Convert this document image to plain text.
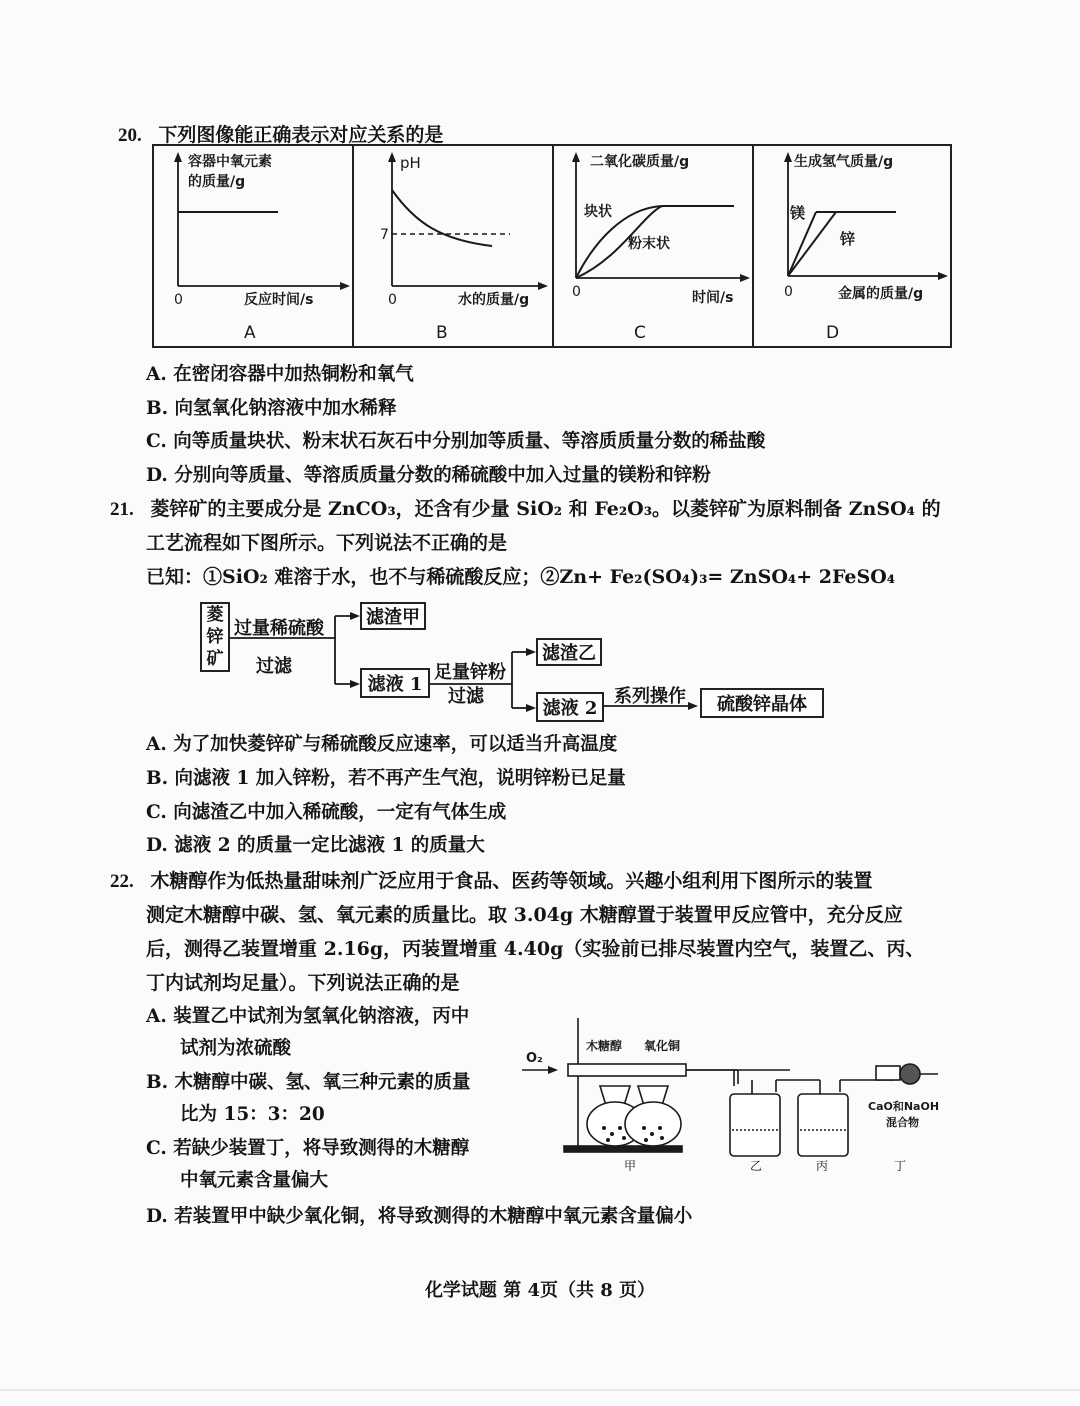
20. 下列图像能正确表示对应关系的是
容器中氧元素
的质量/g
0	反应时间/s
A
pH
7
0	水的质量/g
B
二氧化碳质量/g
块状
粉末状
0	时间/s
C
生成氢气质量/g
镁
锌
0	金属的质量/g
D
A. 在密闭容器中加热铜粉和氧气
B. 向氢氧化钠溶液中加水稀释
C. 向等质量块状、粉末状石灰石中分别加等质量、等溶质质量分数的稀盐酸
D. 分别向等质量、等溶质质量分数的稀硫酸中加入过量的镁粉和锌粉
21. 菱锌矿的主要成分是 ZnCO₃，还含有少量 SiO₂ 和 Fe₂O₃。以菱锌矿为原料制备 ZnSO₄ 的
工艺流程如下图所示。下列说法不正确的是
已知：①SiO₂ 难溶于水，也不与稀硫酸反应；②Zn+ Fe₂(SO₄)₃= ZnSO₄+ 2FeSO₄
菱
锌
矿
过量稀硫酸
过滤
滤渣甲
滤液 1
足量锌粉
过滤
滤渣乙
滤液 2
系列操作	硫酸锌晶体
A. 为了加快菱锌矿与稀硫酸反应速率，可以适当升高温度
B. 向滤液 1 加入锌粉，若不再产生气泡，说明锌粉已足量
C. 向滤渣乙中加入稀硫酸，一定有气体生成
D. 滤液 2 的质量一定比滤液 1 的质量大
22. 木糖醇作为低热量甜味剂广泛应用于食品、医药等领域。兴趣小组利用下图所示的装置
测定木糖醇中碳、氢、氧元素的质量比。取 3.04g 木糖醇置于装置甲反应管中，充分反应
后，测得乙装置增重 2.16g，丙装置增重 4.40g（实验前已排尽装置内空气，装置乙、丙、
丁内试剂均足量）。下列说法正确的是
A. 装置乙中试剂为氢氧化钠溶液，丙中
试剂为浓硫酸
B. 木糖醇中碳、氢、氧三种元素的质量
比为 15：3：20
C. 若缺少装置丁，将导致测得的木糖醇
中氧元素含量偏大
D. 若装置甲中缺少氧化铜，将导致测得的木糖醇中氧元素含量偏小
O₂
木糖醇 氧化铜
CaO和NaOH
混合物
甲	乙	丙	丁
化学试题 第 4页（共 8 页）
